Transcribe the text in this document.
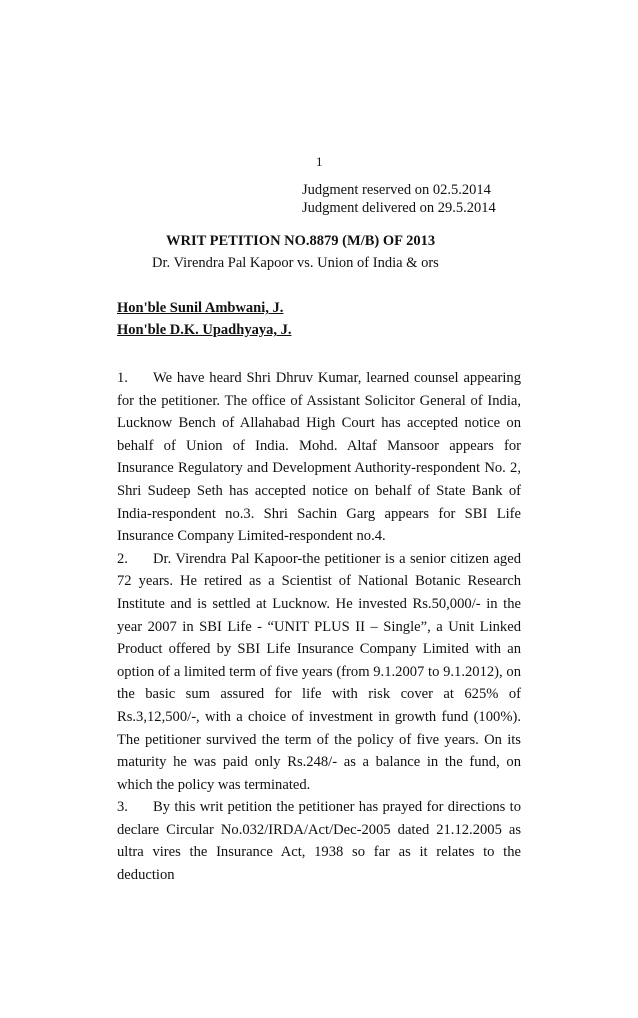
1
Judgment reserved on 02.5.2014
Judgment delivered on 29.5.2014
WRIT PETITION NO.8879 (M/B) OF 2013
Dr. Virendra Pal Kapoor vs. Union of India & ors
Hon'ble Sunil Ambwani, J.
Hon'ble D.K. Upadhyaya, J.

1. We have heard Shri Dhruv Kumar, learned counsel appearing for the petitioner. The office of Assistant Solicitor General of India, Lucknow Bench of Allahabad High Court has accepted notice on behalf of Union of India. Mohd. Altaf Mansoor appears for Insurance Regulatory and Development Authority-respondent No. 2, Shri Sudeep Seth has accepted notice on behalf of State Bank of India-respondent no.3. Shri Sachin Garg appears for SBI Life Insurance Company Limited-respondent no.4.

2. Dr. Virendra Pal Kapoor-the petitioner is a senior citizen aged 72 years. He retired as a Scientist of National Botanic Research Institute and is settled at Lucknow. He invested Rs.50,000/- in the year 2007 in SBI Life - “UNIT PLUS II – Single”, a Unit Linked Product offered by SBI Life Insurance Company Limited with an option of a limited term of five years (from 9.1.2007 to 9.1.2012), on the basic sum assured for life with risk cover at 625% of Rs.3,12,500/-, with a choice of investment in growth fund (100%). The petitioner survived the term of the policy of five years. On its maturity he was paid only Rs.248/- as a balance in the fund, on which the policy was terminated.

3. By this writ petition the petitioner has prayed for directions to declare Circular No.032/IRDA/Act/Dec-2005 dated 21.12.2005 as ultra vires the Insurance Act, 1938 so far as it relates to the deduction
